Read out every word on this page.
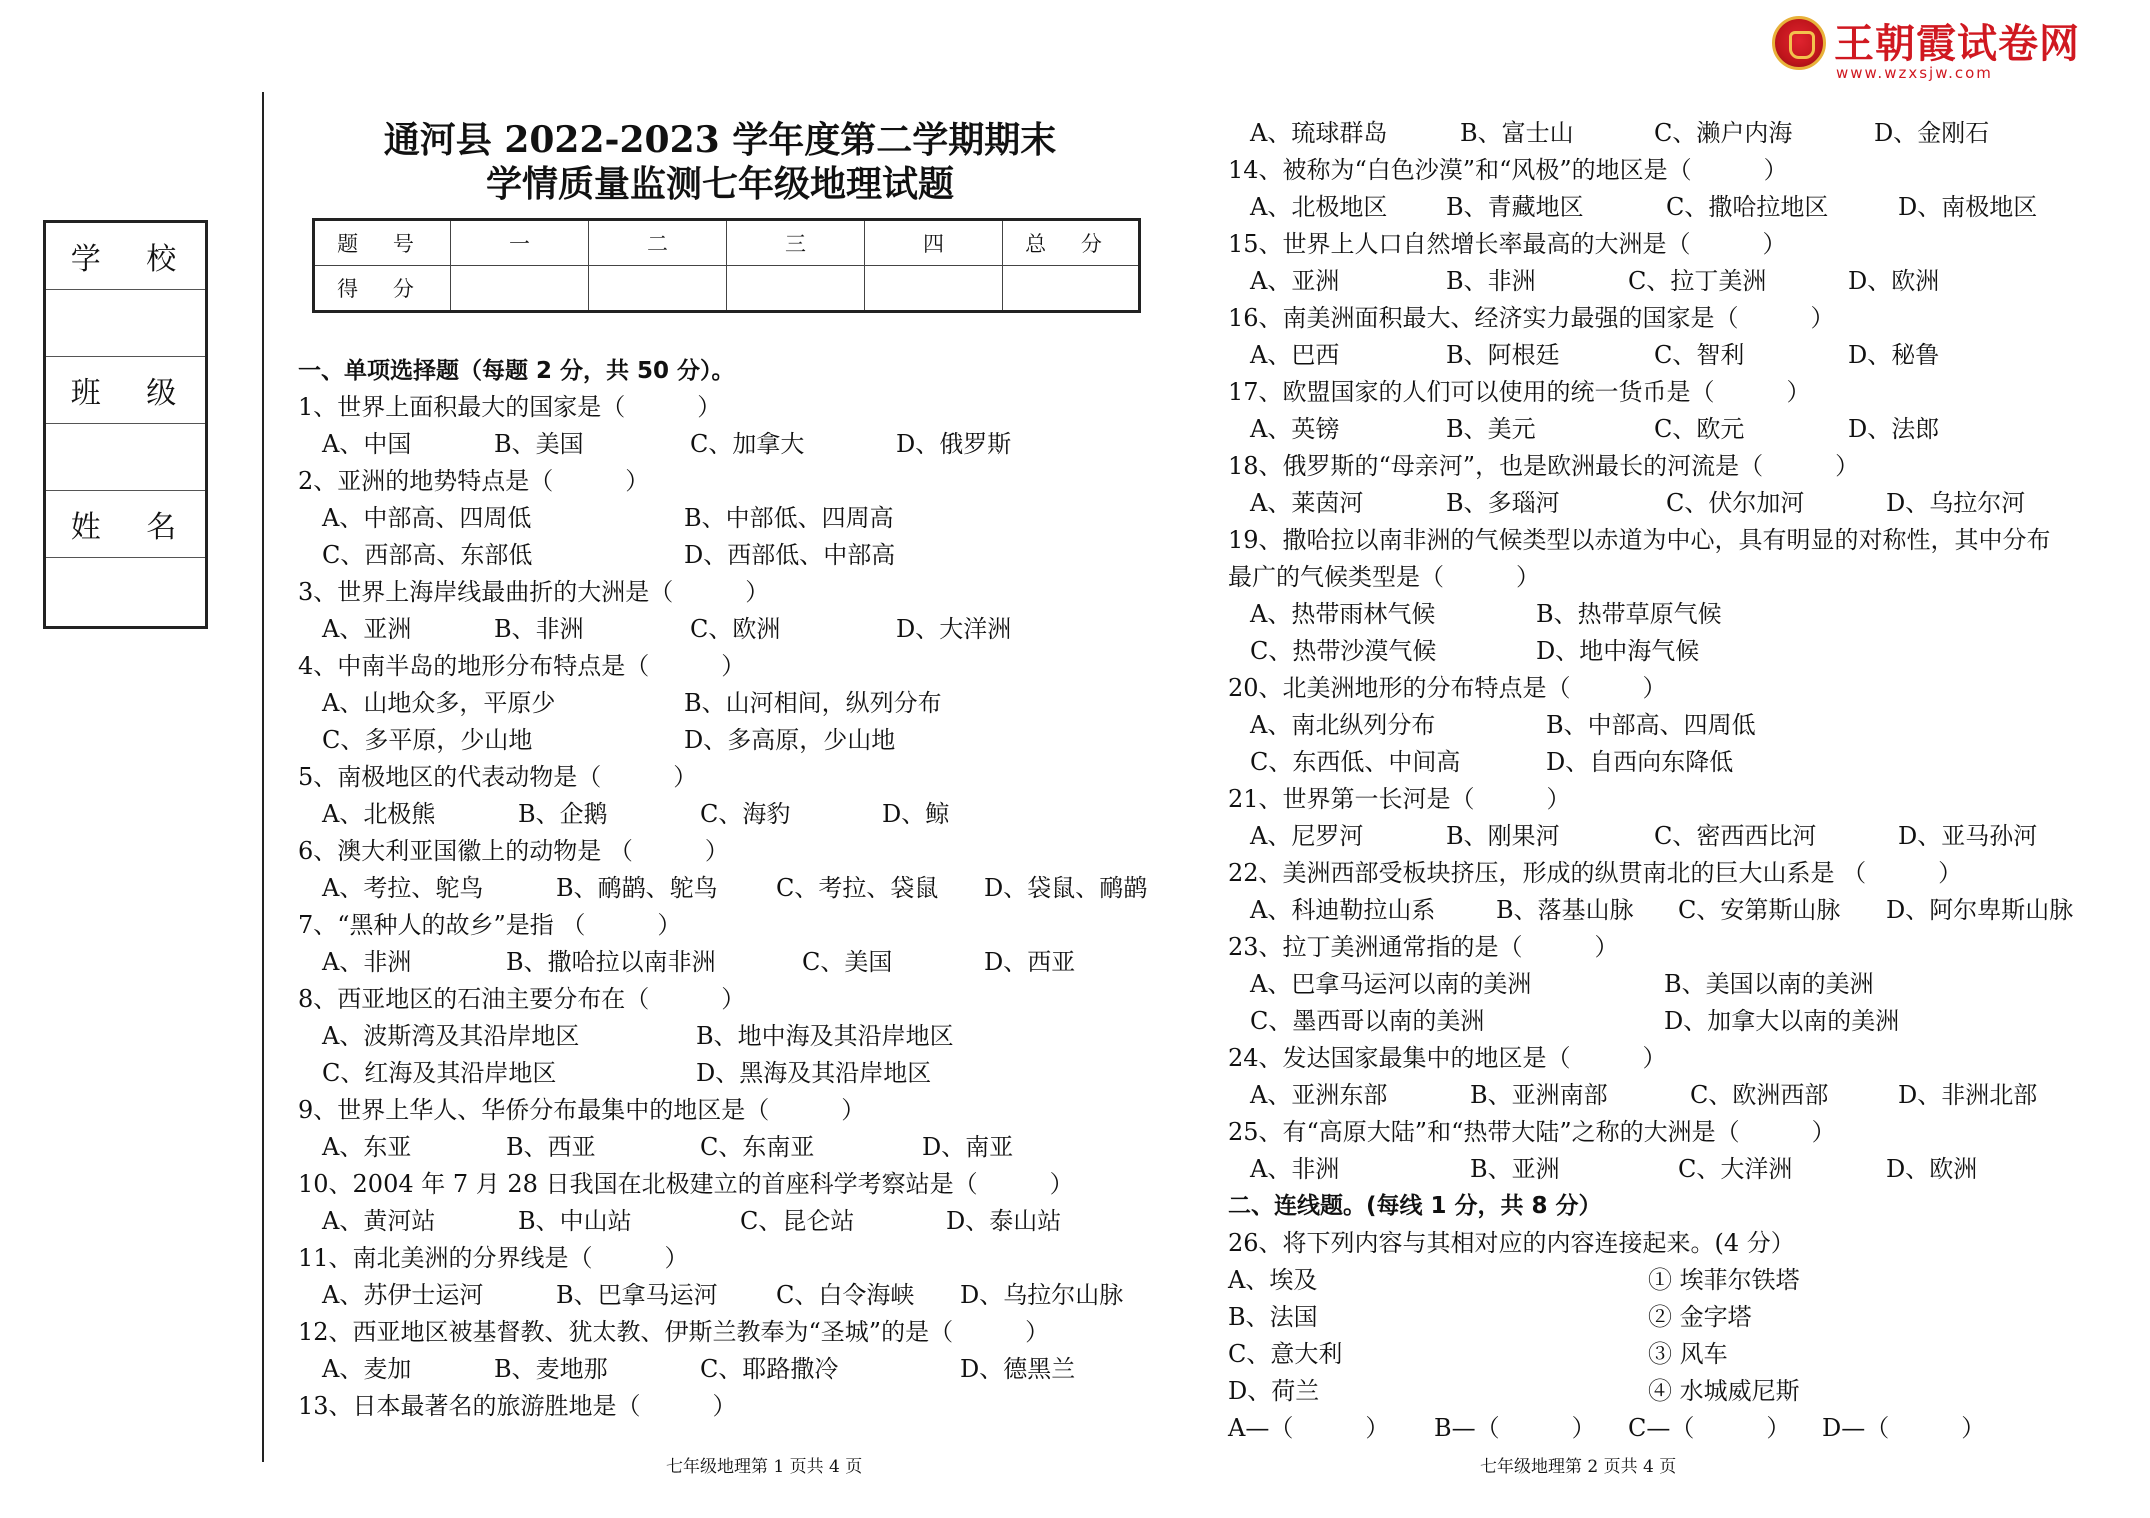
王朝霞试卷网
www.wzxsjw.com
学 校
班 级
姓 名
通河县 2022-2023 学年度第二学期期末
学情质量监测七年级地理试题
题 号	一	二	三	四	总 分
得 分					
一、单项选择题（每题 2 分，共 50 分）。
1、世界上面积最大的国家是（　　　）
A、中国	B、美国	C、加拿大	D、俄罗斯
2、亚洲的地势特点是（　　　）
A、中部高、四周低	B、中部低、四周高
C、西部高、东部低	D、西部低、中部高
3、世界上海岸线最曲折的大洲是（　　　）
A、亚洲	B、非洲	C、欧洲	D、大洋洲
4、中南半岛的地形分布特点是（　　　）
A、山地众多，平原少	B、山河相间，纵列分布
C、多平原，少山地	D、多高原，少山地
5、南极地区的代表动物是（　　　）
A、北极熊	B、企鹅	C、海豹	D、鲸
6、澳大利亚国徽上的动物是 （　　　）
A、考拉、鸵鸟	B、鸸鹋、鸵鸟 C、考拉、袋鼠 D、袋鼠、鸸鹋
7、“黑种人的故乡”是指 （　　　）
A、非洲	B、撒哈拉以南非洲	C、美国	D、西亚
8、西亚地区的石油主要分布在（　　　）
A、波斯湾及其沿岸地区	B、地中海及其沿岸地区
C、红海及其沿岸地区	D、黑海及其沿岸地区
9、世界上华人、华侨分布最集中的地区是（　　　）
A、东亚	B、西亚	C、东南亚	D、南亚
10、2004 年 7 月 28 日我国在北极建立的首座科学考察站是（　　　）
A、黄河站	B、中山站	C、昆仑站	D、泰山站
11、南北美洲的分界线是（　　　）
A、苏伊士运河	B、巴拿马运河 C、白令海峡 D、乌拉尔山脉
12、西亚地区被基督教、犹太教、伊斯兰教奉为“圣城”的是（　　　）
A、麦加	B、麦地那	C、耶路撒冷	D、德黑兰
13、日本最著名的旅游胜地是（　　　）
七年级地理第 1 页共 4 页
A、琉球群岛	B、富士山	C、濑户内海	D、金刚石
14、被称为“白色沙漠”和“风极”的地区是（　　　）
A、北极地区 B、青藏地区	C、撒哈拉地区	D、南极地区
15、世界上人口自然增长率最高的大洲是（　　　）
A、亚洲	B、非洲	C、拉丁美洲	D、欧洲
16、南美洲面积最大、经济实力最强的国家是（　　　）
A、巴西	B、阿根廷	C、智利	D、秘鲁
17、欧盟国家的人们可以使用的统一货币是（　　　）
A、英镑	B、美元	C、欧元	D、法郎
18、俄罗斯的“母亲河”，也是欧洲最长的河流是（　　　）
A、莱茵河	B、多瑙河	C、伏尔加河	D、乌拉尔河
19、撒哈拉以南非洲的气候类型以赤道为中心，具有明显的对称性，其中分布
最广的气候类型是（　　　）
A、热带雨林气候	B、热带草原气候
C、热带沙漠气候	D、地中海气候
20、北美洲地形的分布特点是（　　　）
A、南北纵列分布	B、中部高、四周低
C、东西低、中间高	D、自西向东降低
21、世界第一长河是（　　　）
A、尼罗河	B、刚果河	C、密西西比河	D、亚马孙河
22、美洲西部受板块挤压，形成的纵贯南北的巨大山系是 （　　　）
A、科迪勒拉山系	B、落基山脉 C、安第斯山脉 D、阿尔卑斯山脉
23、拉丁美洲通常指的是（　　　）
A、巴拿马运河以南的美洲	B、美国以南的美洲
C、墨西哥以南的美洲	D、加拿大以南的美洲
24、发达国家最集中的地区是（　　　）
A、亚洲东部	B、亚洲南部	C、欧洲西部	D、非洲北部
25、有“高原大陆”和“热带大陆”之称的大洲是（　　　）
A、非洲	B、亚洲	C、大洋洲	D、欧洲
二、连线题。(每线 1 分，共 8 分）
26、将下列内容与其相对应的内容连接起来。(4 分）
A、埃及	① 埃菲尔铁塔
B、法国	② 金字塔
C、意大利	③ 风车
D、荷兰	④ 水城威尼斯
A—（　　　） B—（　　　） C—（　　　） D—（　　　）
七年级地理第 2 页共 4 页
